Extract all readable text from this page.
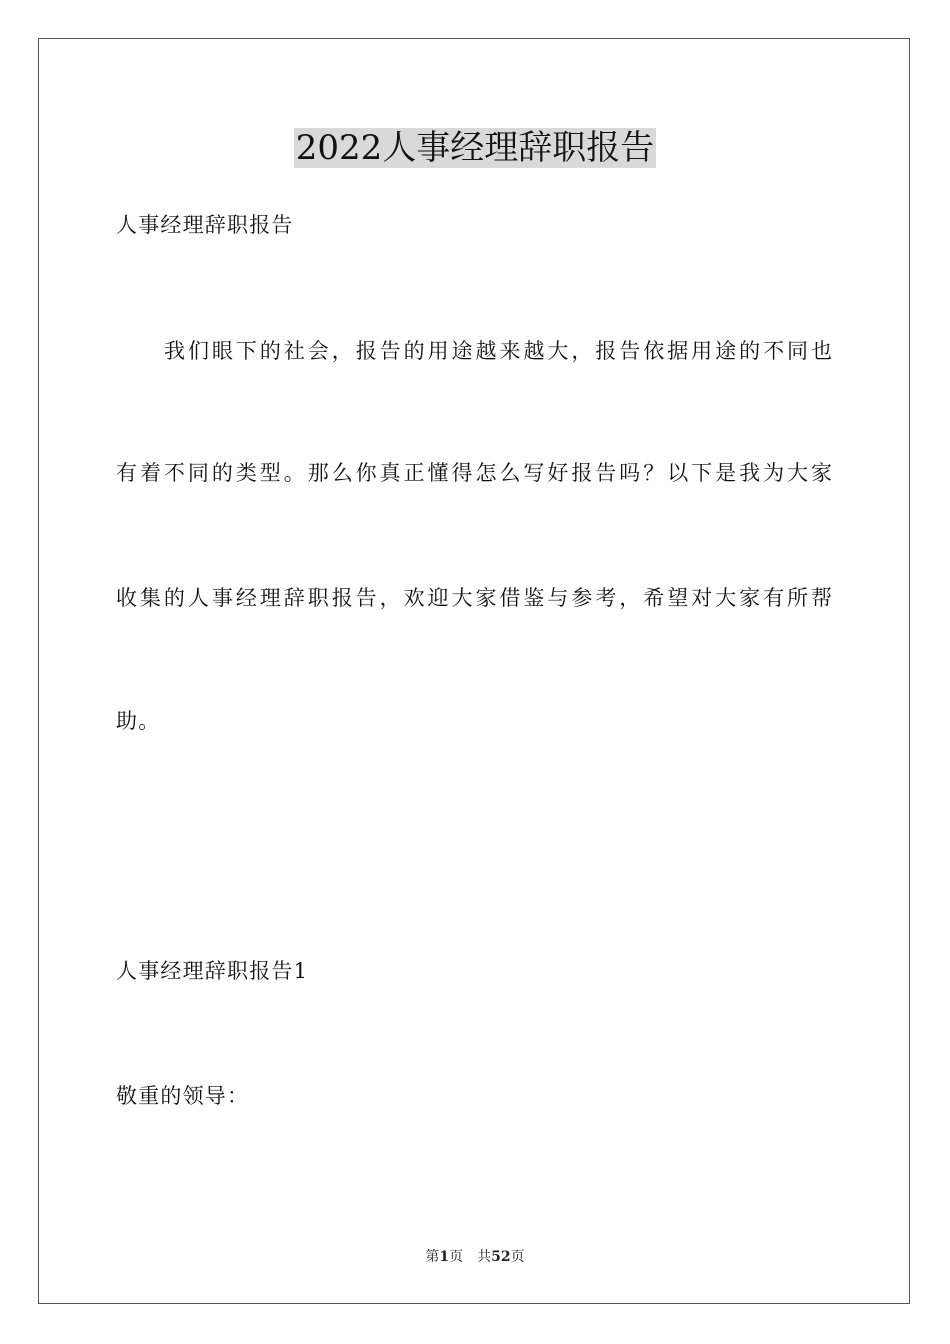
2022人事经理辞职报告

人事经理辞职报告

我们眼下的社会，报告的用途越来越大，报告依据用途的不同也

有着不同的类型。那么你真正懂得怎么写好报告吗？以下是我为大家

收集的人事经理辞职报告，欢迎大家借鉴与参考，希望对大家有所帮

助。

人事经理辞职报告1

敬重的领导：

第1页 共52页
